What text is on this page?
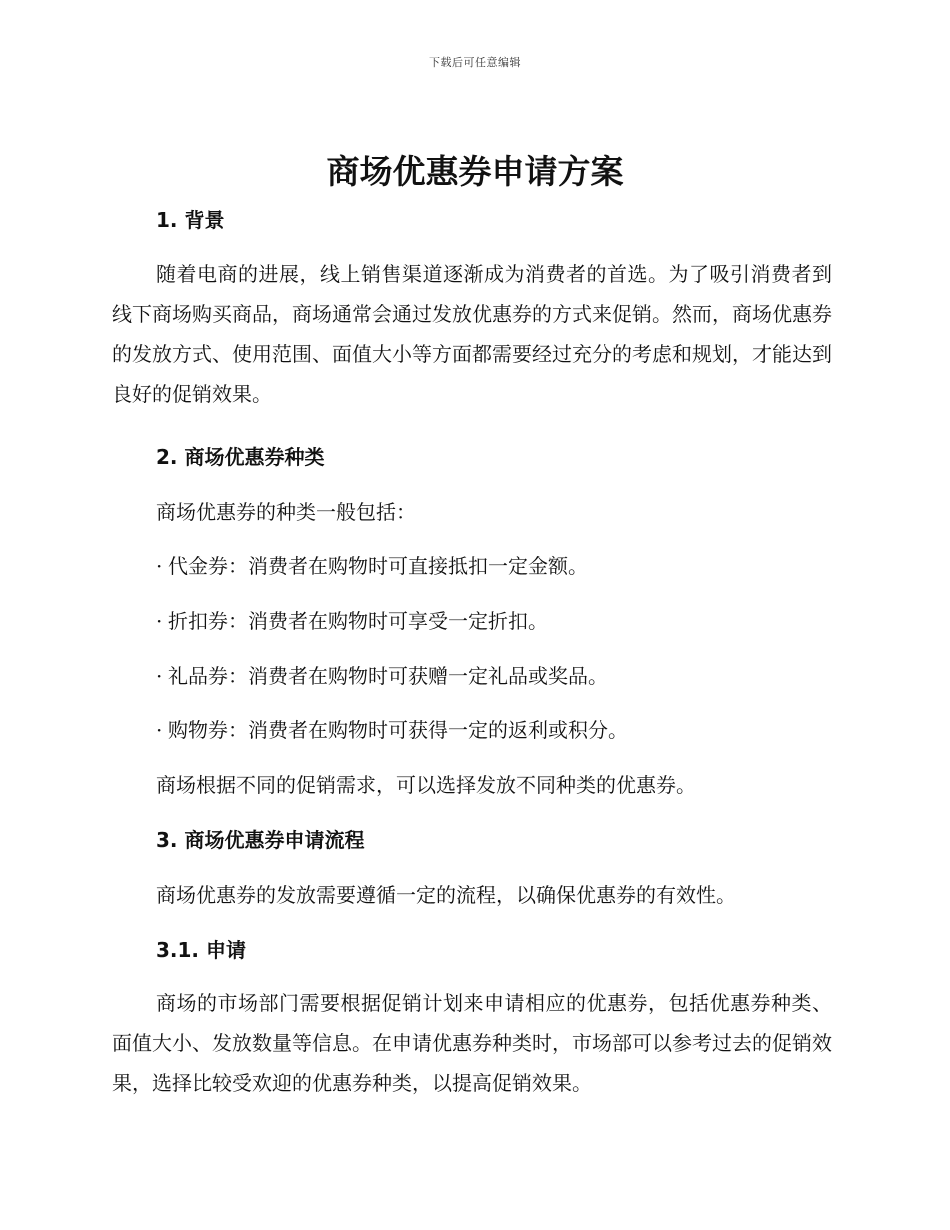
下载后可任意编辑
商场优惠券申请方案
1. 背景

随着电商的进展，线上销售渠道逐渐成为消费者的首选。为了吸引消费者到线下商场购买商品，商场通常会通过发放优惠券的方式来促销。然而，商场优惠券的发放方式、使用范围、面值大小等方面都需要经过充分的考虑和规划，才能达到良好的促销效果。

2. 商场优惠券种类

商场优惠券的种类一般包括：

· 代金券：消费者在购物时可直接抵扣一定金额。

· 折扣券：消费者在购物时可享受一定折扣。

· 礼品券：消费者在购物时可获赠一定礼品或奖品。

· 购物券：消费者在购物时可获得一定的返利或积分。

商场根据不同的促销需求，可以选择发放不同种类的优惠券。

3. 商场优惠券申请流程

商场优惠券的发放需要遵循一定的流程，以确保优惠券的有效性。

3.1. 申请

商场的市场部门需要根据促销计划来申请相应的优惠券，包括优惠券种类、面值大小、发放数量等信息。在申请优惠券种类时，市场部可以参考过去的促销效果，选择比较受欢迎的优惠券种类，以提高促销效果。
